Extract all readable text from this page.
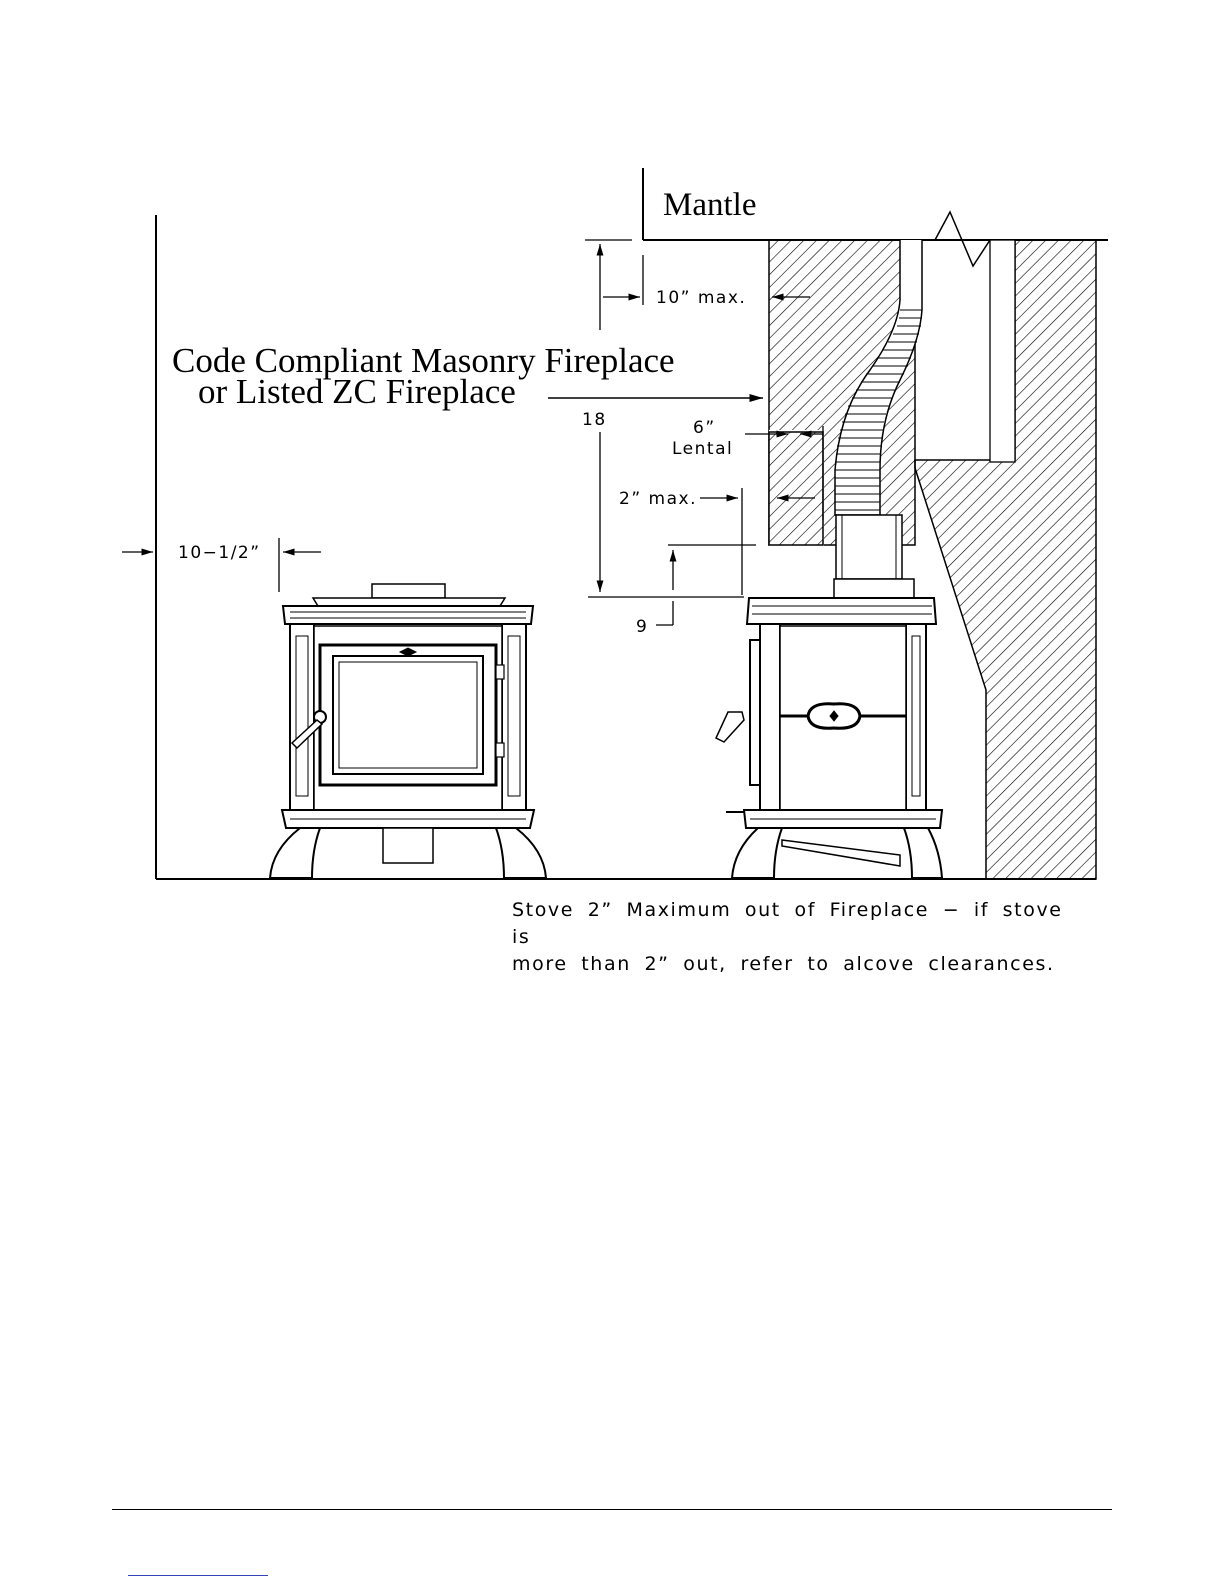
Mantle
Code Compliant Masonry Fireplace
or Listed ZC Fireplace
10” max.
18	6”
Lental
2” max.
9
10−1/2”
Stove 2” Maximum out of Fireplace − if stove is
more than 2” out, refer to alcove clearances.
